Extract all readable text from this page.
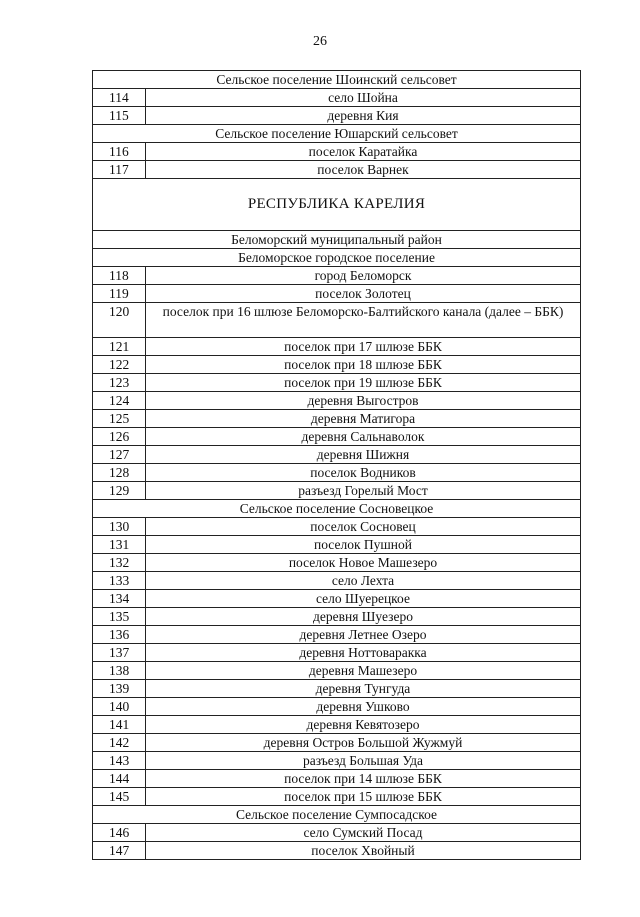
26
Сельское поселение Шоинский сельсовет	
114	село Шойна
115	деревня Кия
Сельское поселение Юшарский сельсовет	
116	поселок Каратайка
117	поселок Варнек
РЕСПУБЛИКА КАРЕЛИЯ	
Беломорский муниципальный район	
Беломорское городское поселение	
118	город Беломорск
119	поселок Золотец
120	поселок при 16 шлюзе Беломорско-Балтийского канала (далее – ББК)
121	поселок при 17 шлюзе ББК
122	поселок при 18 шлюзе ББК
123	поселок при 19 шлюзе ББК
124	деревня Выгостров
125	деревня Матигора
126	деревня Сальнаволок
127	деревня Шижня
128	поселок Водников
129	разъезд Горелый Мост
Сельское поселение Сосновецкое	
130	поселок Сосновец
131	поселок Пушной
132	поселок Новое Машезеро
133	село Лехта
134	село Шуерецкое
135	деревня Шуезеро
136	деревня Летнее Озеро
137	деревня Ноттоваракка
138	деревня Машезеро
139	деревня Тунгуда
140	деревня Ушково
141	деревня Кевятозеро
142	деревня Остров Большой Жужмуй
143	разъезд Большая Уда
144	поселок при 14 шлюзе ББК
145	поселок при 15 шлюзе ББК
Сельское поселение Сумпосадское	
146	село Сумский Посад
147	поселок Хвойный
